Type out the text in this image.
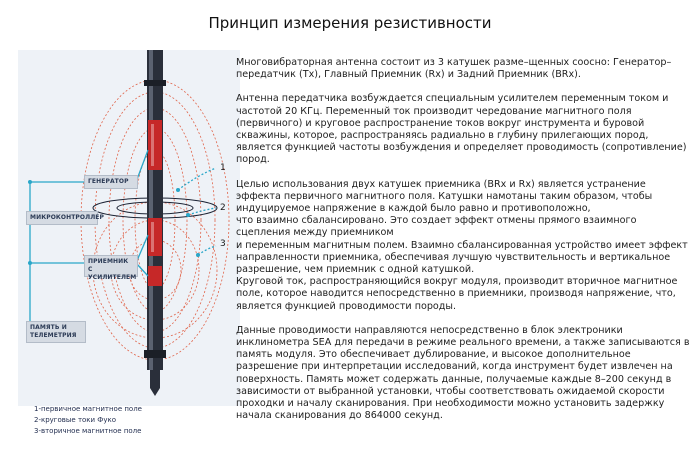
Принцип измерения резистивности
1
2
3
ГЕНЕРАТОР
МИКРОКОНТРОЛЛЕР
ПРИЕМНИК С УСИЛИТЕЛЕМ
ПАМЯТЬ И ТЕЛЕМЕТРИЯ
1-первичное магнитное поле
2-круговые токи Фуко
3-вторичное магнитное поле

Многовибраторная антенна состоит из 3 катушек разме–щенных соосно: Генератор–передатчик (Tx), Главный Приемник (Rx) и Задний Приемник (BRx).

Антенна передатчика возбуждается специальным усилителем переменным током и частотой 20 КГц. Переменный ток производит чередование магнитного поля (первичного) и круговое распространение токов вокруг инструмента и буровой скважины, которое, распространяясь радиально в глубину прилегающих пород, является функцией частоты возбуждения и определяет проводимость (сопротивление) пород.

Целью использования двух катушек приемника (BRx и Rx) является устранение эффекта первичного магнитного поля. Катушки намотаны таким образом, чтобы индуцируемое напряжение в каждой было равно и противоположно,

что взаимно сбалансировано. Это создает эффект отмены прямого взаимного сцепления между приемником

и переменным магнитным полем. Взаимно сбалансированная устройство имеет эффект направленности приемника, обеспечивая лучшую чувствительность и вертикальное разрешение, чем приемник с одной катушкой.

Круговой ток, распространяющийся вокруг модуля, производит вторичное магнитное поле, которое наводится непосредственно в приемники, производя напряжение, что, является функцией проводимости породы.

Данные проводимости направляются непосредственно в блок электроники инклинометра SEA для передачи в режиме реального времени, а также записываются в память модуля. Это обеспечивает дублирование, и высокое дополнительное разрешение при интерпретации исследований, когда инструмент будет извлечен на поверхность. Память может содержать данные, получаемые каждые 8–200 секунд в зависимости от выбранной установки, чтобы соответствовать ожидаемой скорости проходки и началу сканирования. При необходимости можно установить задержку начала сканирования до 864000 секунд.
